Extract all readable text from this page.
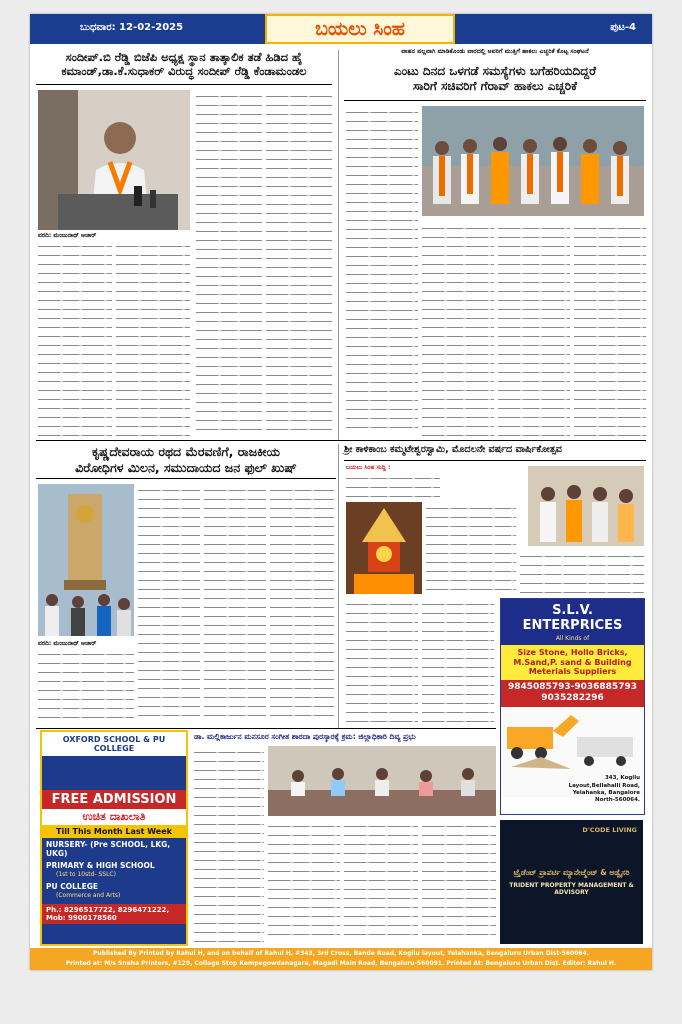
ಬುಧವಾರ: 12-02-2025	ಬಯಲು ಸಿಂಹ	ಪುಟ-4
ಸಂದೀಪ್.ಬಿ ರೆಡ್ಡಿ ಬಿಜೆಪಿ ಅಧ್ಯಕ್ಷ ಸ್ಥಾನ ತಾತ್ಕಾಲಿಕ ತಡೆ ಹಿಡಿದ ಹೈ
ಕಮಾಂಡ್,ಡಾ.ಕೆ.ಸುಧಾಕರ್ ವಿರುದ್ಧ ಸಂದೀಪ್ ರೆಡ್ಡಿ ಕೆಂಡಾಮಂಡಲ
ವರದಿ: ಮಂಜುನಾಥ್ ಆಚಾರ್
ವಾಹನ ಪಲ್ಲವಾಗಿ ಮಾಡಿಕೊಂಡು ವಾರದಲ್ಲಿ ಅವರಿಗೆ ಮುತ್ತಿಗೆ ಹಾಕಲು ಎಚ್ಚರಿಕೆ ಕೊಟ್ಟ ಸಂಘಟನೆ
ಎಂಟು ದಿನದ ಒಳಗಡೆ ಸಮಸ್ಯೆಗಳು ಬಗೆಹರಿಯದಿದ್ದರೆ
ಸಾರಿಗೆ ಸಚಿವರಿಗೆ ಗೆರಾವ್ ಹಾಕಲು ಎಚ್ಚರಿಕೆ
ಕೃಷ್ಣದೇವರಾಯ ರಥದ ಮೆರವಣಿಗೆ, ರಾಜಕೀಯ
ವಿರೋಧಿಗಳ ಮಿಲನ, ಸಮುದಾಯದ ಜನ ಫುಲ್ ಖುಷ್
ವರದಿ: ಮಂಜುನಾಥ್ ಆಚಾರ್
ಶ್ರೀ ಕಾಳಿಕಾಂಬ ಕಮ್ಮಟೇಶ್ವರಸ್ವಾಮಿ, ಮೊದಲನೇ ವರ್ಷದ ವಾರ್ಷಿಕೋತ್ಸವ
ಬಯಲು ಸಿಂಹ ಸುದ್ದಿ :
S.L.V. ENTERPRICES
All Kinds of
Size Stone, Hollo Bricks, M.Sand,P. sand & Building Meterials Suppliers
9845085793-9036885793
9035282296
343, Kogilu Layout,Bellahalli Road, Yelahanka, Bangalore North-560064.
OXFORD SCHOOL & PU COLLEGE
FREE ADMISSION
ಉಚಿತ ದಾಖಲಾತಿ
Till This Month Last Week
NURSERY- (Pre SCHOOL, LKG, UKG)
PRIMARY & HIGH SCHOOL
(1st to 10std- SSLC)
PU COLLEGE
(Commerce and Arts)
Ph.: 8296517722, 8296471222,
Mob: 9900178560
ಡಾ. ಮಲ್ಲಿಕಾರ್ಜುನ ಮನಸೂರ ಸಂಗೀತ ಶಾರದಾ ಪುರಸ್ಕಾರಕ್ಕೆ ಕ್ರಮ: ಜಿಲ್ಲಾಧಿಕಾರಿ ದಿವ್ಯ ಪ್ರಭು
D'CODE LIVING
ಟ್ರೈಡೆಂಟ್ ಪ್ರಾಪರ್ಟಿ ಮ್ಯಾನೇಜ್ಮೆಂಟ್ & ಅಡ್ವೈಸರಿ
TRIDENT PROPERTY MANAGEMENT & ADVISORY
Published By Printed by Rahul H, and on behalf of Rahul H, #343, 3rd Cross, Bande Road, Kogilu layout, Yelahanka, Bengaluru Urban Dist-560064.
Printed at: M/s Sneha Printers, #129, Collage Stop Kempegowdanagara, Magadi Main Road, Bengaluru-560091. Printed At: Bengaluru Urban Dist. Editor: Rahul H.
